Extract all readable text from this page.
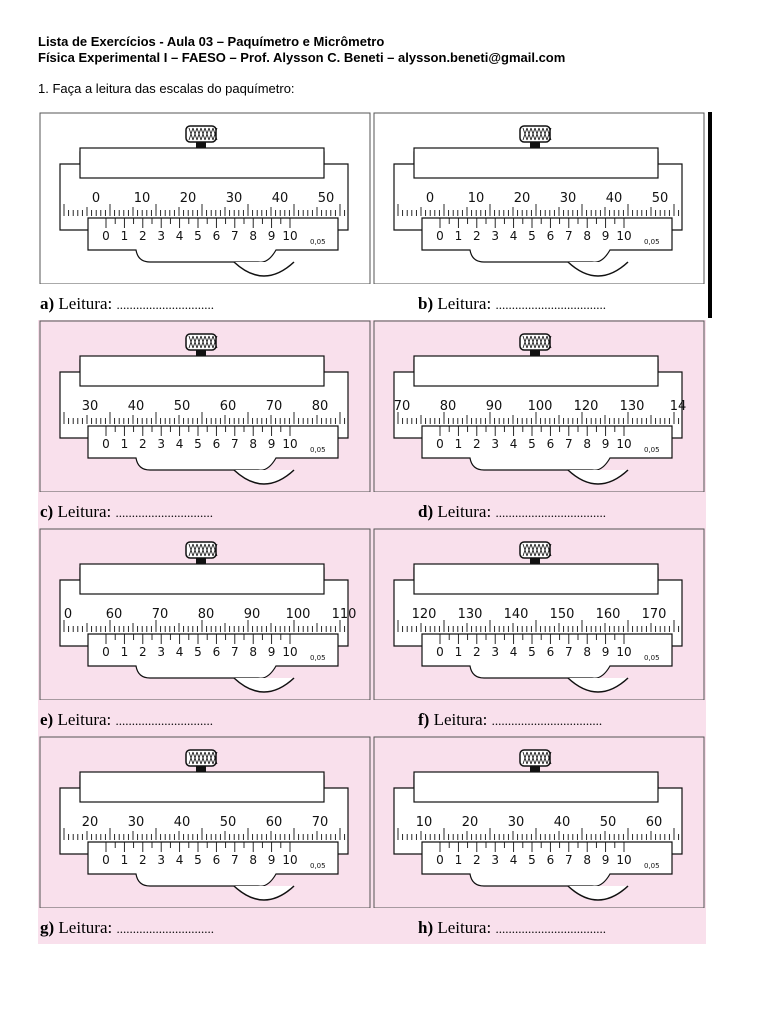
Lista de Exercícios - Aula 03 – Paquímetro e Micrômetro
Física Experimental I – FAESO – Prof. Alysson C. Beneti – alysson.beneti@gmail.com
1. Faça a leitura das escalas do paquímetro:
0	10 20 30 40 50
0 1 2 3 4 5 6 7 8 9 10 0,05
a) Leitura: ..............................
0	10 20 30 40 50
0 1 2 3 4 5 6 7 8 9 10 0,05
b) Leitura: ..................................
30 40 50 60 70 80
0 1 2 3 4 5 6 7 8 9 10 0,05
c) Leitura: ..............................
70 80 90 100 120 130 14
0 1 2 3 4 5 6 7 8 9 10 0,05
d) Leitura: ..................................
0	60 70 80 90 100 110
0 1 2 3 4 5 6 7 8 9 10 0,05
e) Leitura: ..............................
120 130 140 150 160 170
0 1 2 3 4 5 6 7 8 9 10 0,05
f) Leitura: ..................................
20 30 40 50 60 70
0 1 2 3 4 5 6 7 8 9 10 0,05
g) Leitura: ..............................
10 20 30 40 50 60
0 1 2 3 4 5 6 7 8 9 10 0,05
h) Leitura: ..................................
